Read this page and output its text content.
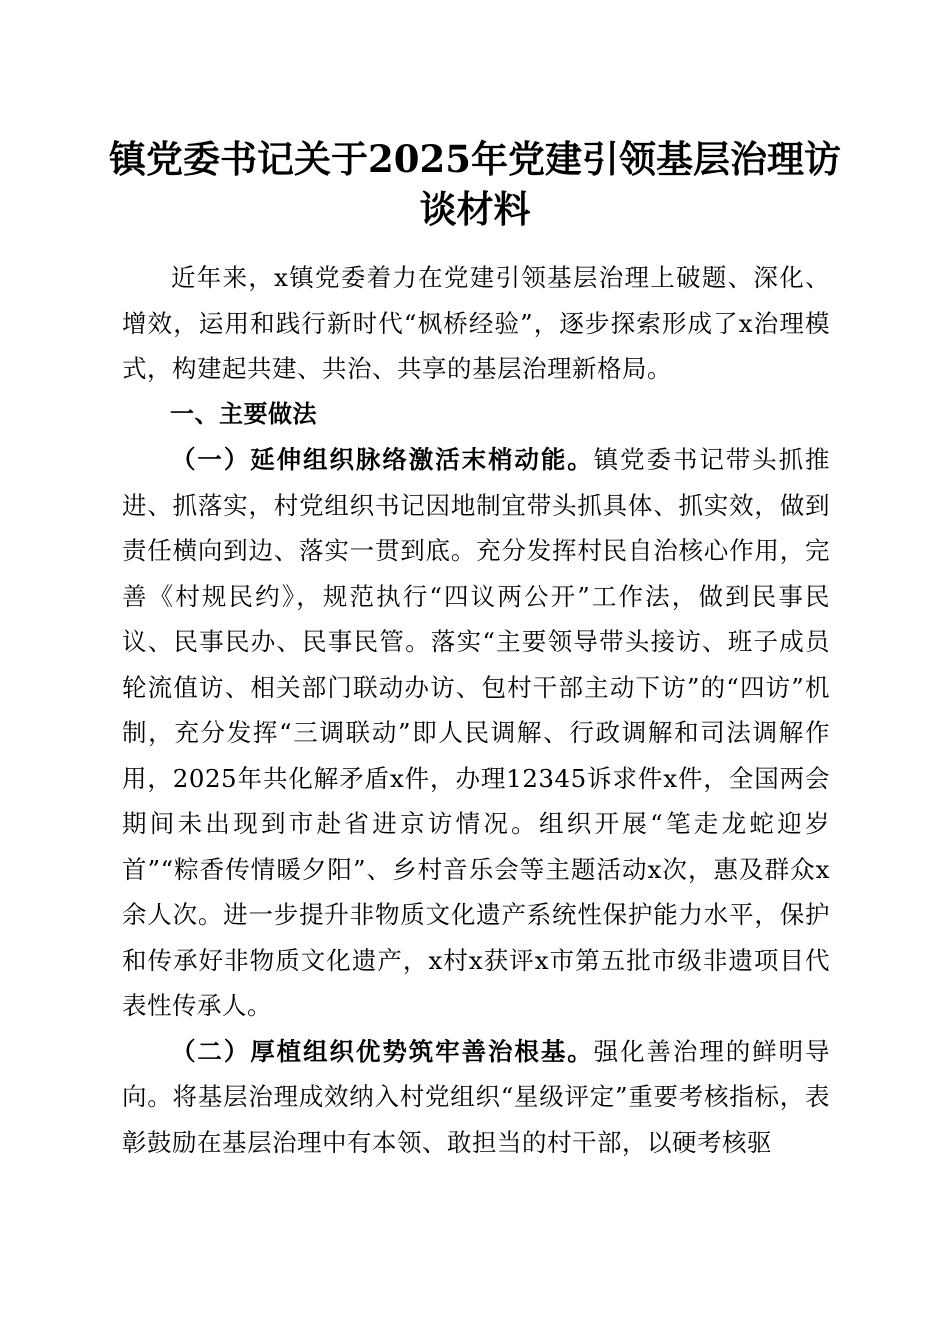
镇党委书记关于2025年党建引领基层治理访
谈材料

近年来，x镇党委着力在党建引领基层治理上破题、深化、增效，运用和践行新时代“枫桥经验”，逐步探索形成了x治理模式，构建起共建、共治、共享的基层治理新格局。

一、主要做法

（一）延伸组织脉络激活末梢动能。镇党委书记带头抓推进、抓落实，村党组织书记因地制宜带头抓具体、抓实效，做到责任横向到边、落实一贯到底。充分发挥村民自治核心作用，完善《村规民约》，规范执行“四议两公开”工作法，做到民事民议、民事民办、民事民管。落实“主要领导带头接访、班子成员轮流值访、相关部门联动办访、包村干部主动下访”的“四访”机制，充分发挥“三调联动”即人民调解、行政调解和司法调解作用，2025年共化解矛盾x件，办理12345诉求件x件，全国两会期间未出现到市赴省进京访情况。组织开展“笔走龙蛇迎岁首”“粽香传情暖夕阳”、乡村音乐会等主题活动x次，惠及群众x余人次。进一步提升非物质文化遗产系统性保护能力水平，保护和传承好非物质文化遗产，x村x获评x市第五批市级非遗项目代表性传承人。

（二）厚植组织优势筑牢善治根基。强化善治理的鲜明导向。将基层治理成效纳入村党组织“星级评定”重要考核指标，表彰鼓励在基层治理中有本领、敢担当的村干部，以硬考核驱
